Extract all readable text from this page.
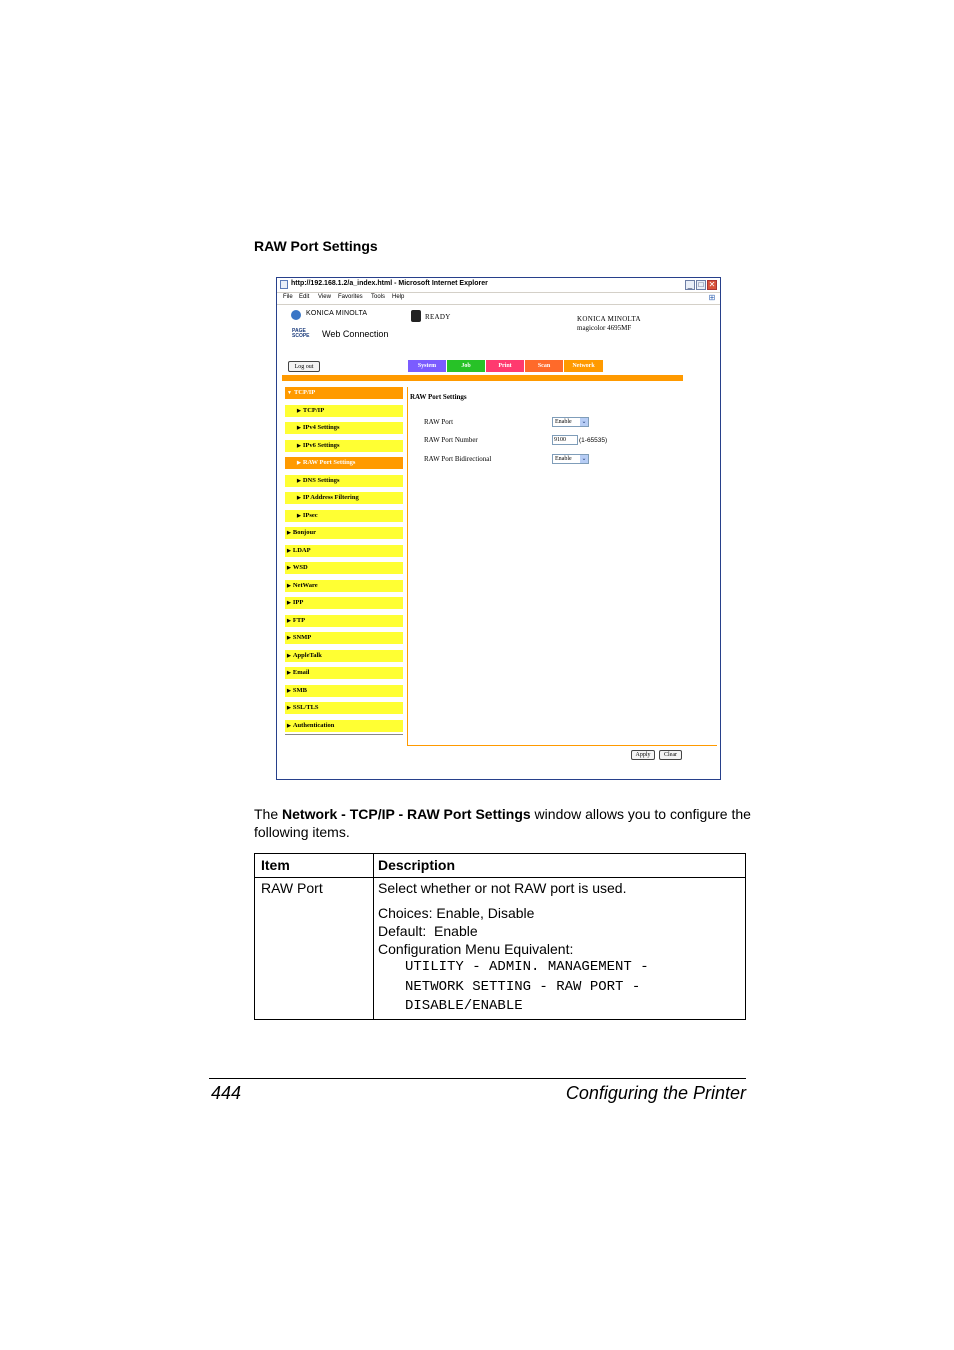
RAW Port Settings
http://192.168.1.2/a_index.html - Microsoft Internet Explorer	_ □ ✕
File Edit View Favorites Tools Help	⊞
KONICA MINOLTA
PAGE SCOPE Web Connection
READY	KONICA MINOLTA
magicolor 4695MF
Log out	System	Job	Print	Scan	Network
▼ TCP/IP
▶ TCP/IP
▶ IPv4 Settings
▶ IPv6 Settings
▶ RAW Port Settings
▶ DNS Settings
▶ IP Address Filtering
▶ IPsec
▶ Bonjour
▶ LDAP
▶ WSD
▶ NetWare
▶ IPP
▶ FTP
▶ SNMP
▶ AppleTalk
▶ Email
▶ SMB
▶ SSL/TLS
▶ Authentication
RAW Port Settings
RAW Port	Enable ⌄
RAW Port Number	9100	(1-65535)
RAW Port Bidirectional	Enable ⌄
Apply	Clear
The Network - TCP/IP - RAW Port Settings window allows you to configure the following items.
Item	Description
RAW Port	Select whether or not RAW port is used.
Choices: Enable, Disable
Default:  Enable
Configuration Menu Equivalent:
UTILITY - ADMIN. MANAGEMENT -
NETWORK SETTING - RAW PORT -
DISABLE/ENABLE
444	Configuring the Printer
